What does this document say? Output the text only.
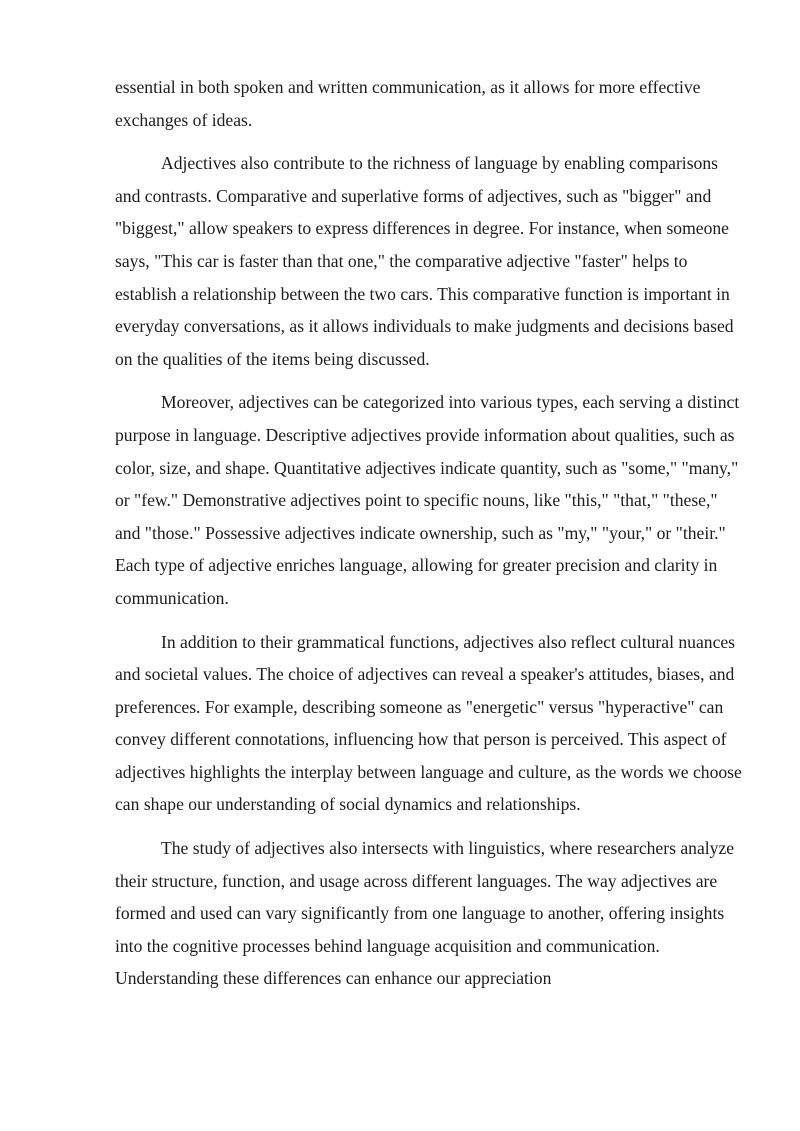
essential in both spoken and written communication, as it allows for more effective exchanges of ideas.

Adjectives also contribute to the richness of language by enabling comparisons and contrasts. Comparative and superlative forms of adjectives, such as "bigger" and "biggest," allow speakers to express differences in degree. For instance, when someone says, "This car is faster than that one," the comparative adjective "faster" helps to establish a relationship between the two cars. This comparative function is important in everyday conversations, as it allows individuals to make judgments and decisions based on the qualities of the items being discussed.

Moreover, adjectives can be categorized into various types, each serving a distinct purpose in language. Descriptive adjectives provide information about qualities, such as color, size, and shape. Quantitative adjectives indicate quantity, such as "some," "many," or "few." Demonstrative adjectives point to specific nouns, like "this," "that," "these," and "those." Possessive adjectives indicate ownership, such as "my," "your," or "their." Each type of adjective enriches language, allowing for greater precision and clarity in communication.

In addition to their grammatical functions, adjectives also reflect cultural nuances and societal values. The choice of adjectives can reveal a speaker's attitudes, biases, and preferences. For example, describing someone as "energetic" versus "hyperactive" can convey different connotations, influencing how that person is perceived. This aspect of adjectives highlights the interplay between language and culture, as the words we choose can shape our understanding of social dynamics and relationships.

The study of adjectives also intersects with linguistics, where researchers analyze their structure, function, and usage across different languages. The way adjectives are formed and used can vary significantly from one language to another, offering insights into the cognitive processes behind language acquisition and communication. Understanding these differences can enhance our appreciation
